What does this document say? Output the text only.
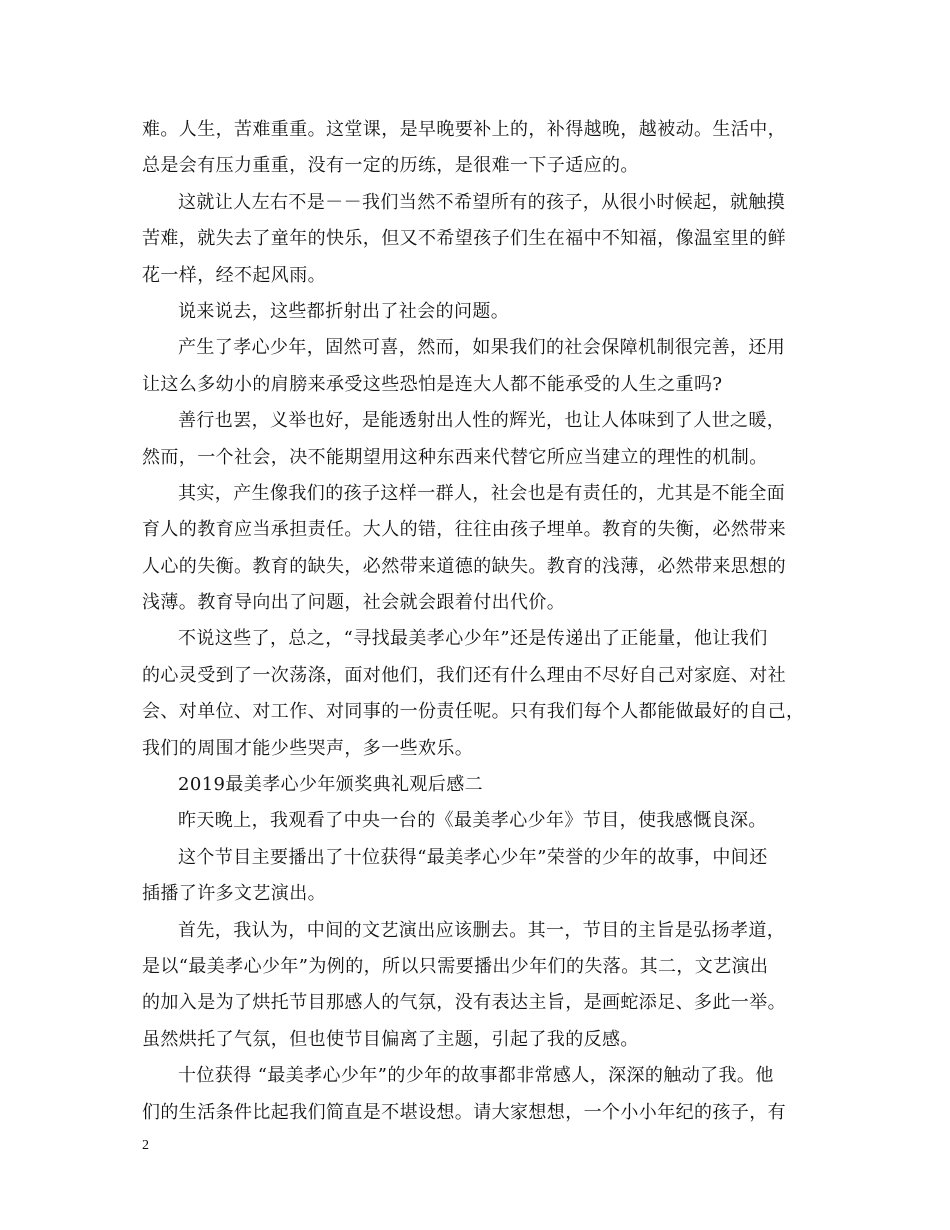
难。人生，苦难重重。这堂课，是早晚要补上的，补得越晚，越被动。生活中，
总是会有压力重重，没有一定的历练，是很难一下子适应的。
这就让人左右不是－－我们当然不希望所有的孩子，从很小时候起，就触摸
苦难，就失去了童年的快乐，但又不希望孩子们生在福中不知福，像温室里的鲜
花一样，经不起风雨。
说来说去，这些都折射出了社会的问题。
产生了孝心少年，固然可喜，然而，如果我们的社会保障机制很完善，还用
让这么多幼小的肩膀来承受这些恐怕是连大人都不能承受的人生之重吗?
善行也罢，义举也好，是能透射出人性的辉光，也让人体味到了人世之暖，
然而，一个社会，决不能期望用这种东西来代替它所应当建立的理性的机制。
其实，产生像我们的孩子这样一群人，社会也是有责任的，尤其是不能全面
育人的教育应当承担责任。大人的错，往往由孩子埋单。教育的失衡，必然带来
人心的失衡。教育的缺失，必然带来道德的缺失。教育的浅薄，必然带来思想的
浅薄。教育导向出了问题，社会就会跟着付出代价。
不说这些了，总之，“寻找最美孝心少年”还是传递出了正能量，他让我们
的心灵受到了一次荡涤，面对他们，我们还有什么理由不尽好自己对家庭、对社
会、对单位、对工作、对同事的一份责任呢。只有我们每个人都能做最好的自己，
我们的周围才能少些哭声，多一些欢乐。
2019最美孝心少年颁奖典礼观后感二
昨天晚上，我观看了中央一台的《最美孝心少年》节目，使我感慨良深。
这个节目主要播出了十位获得“最美孝心少年”荣誉的少年的故事，中间还
插播了许多文艺演出。
首先，我认为，中间的文艺演出应该删去。其一，节目的主旨是弘扬孝道，
是以“最美孝心少年”为例的，所以只需要播出少年们的失落。其二，文艺演出
的加入是为了烘托节目那感人的气氛，没有表达主旨，是画蛇添足、多此一举。
虽然烘托了气氛，但也使节目偏离了主题，引起了我的反感。
十位获得 “最美孝心少年”的少年的故事都非常感人，深深的触动了我。他
们的生活条件比起我们简直是不堪设想。请大家想想，一个小小年纪的孩子，有
2
